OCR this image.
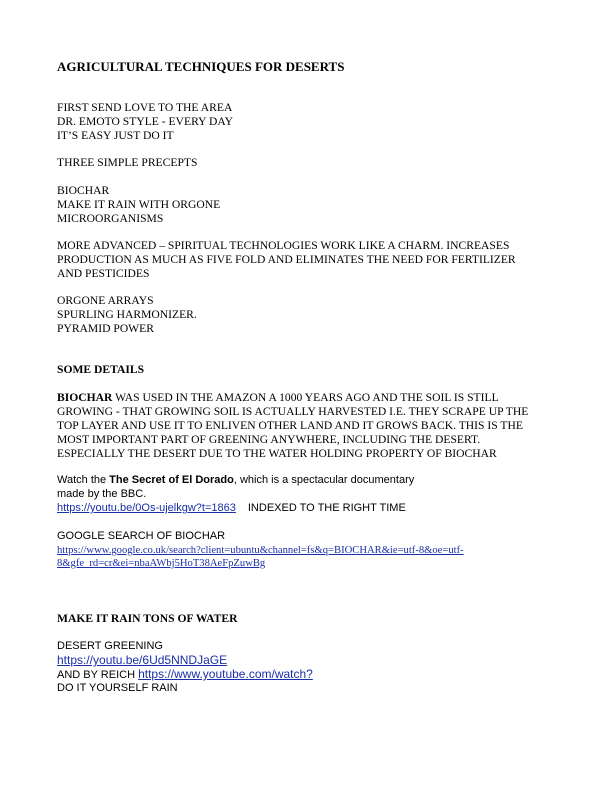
AGRICULTURAL TECHNIQUES FOR DESERTS
FIRST SEND LOVE TO THE AREA
DR. EMOTO STYLE - EVERY DAY
IT’S EASY JUST DO IT
THREE SIMPLE PRECEPTS
BIOCHAR
MAKE IT RAIN WITH ORGONE
MICROORGANISMS
MORE ADVANCED – SPIRITUAL TECHNOLOGIES WORK LIKE A CHARM. INCREASES
PRODUCTION AS MUCH AS FIVE FOLD AND ELIMINATES THE NEED FOR FERTILIZER
AND PESTICIDES
ORGONE ARRAYS
SPURLING HARMONIZER.
PYRAMID POWER
SOME DETAILS
BIOCHAR WAS USED IN THE AMAZON A 1000 YEARS AGO AND THE SOIL IS STILL
GROWING - THAT GROWING SOIL IS ACTUALLY HARVESTED I.E. THEY SCRAPE UP THE
TOP LAYER AND USE IT TO ENLIVEN OTHER LAND AND IT GROWS BACK. THIS IS THE
MOST IMPORTANT PART OF GREENING ANYWHERE, INCLUDING THE DESERT.
ESPECIALLY THE DESERT DUE TO THE WATER HOLDING PROPERTY OF BIOCHAR
Watch the The Secret of El Dorado, which is a spectacular documentary
made by the BBC.
https://youtu.be/0Os-ujelkgw?t=1863 INDEXED TO THE RIGHT TIME
GOOGLE SEARCH OF BIOCHAR
https://www.google.co.uk/search?client=ubuntu&channel=fs&q=BIOCHAR&ie=utf-8&oe=utf-
8&gfe_rd=cr&ei=nbaAWbj5HoT38AeFpZuwBg
MAKE IT RAIN TONS OF WATER
DESERT GREENING
https://youtu.be/6Ud5NNDJaGE
AND BY REICH https://www.youtube.com/watch?
DO IT YOURSELF RAIN
